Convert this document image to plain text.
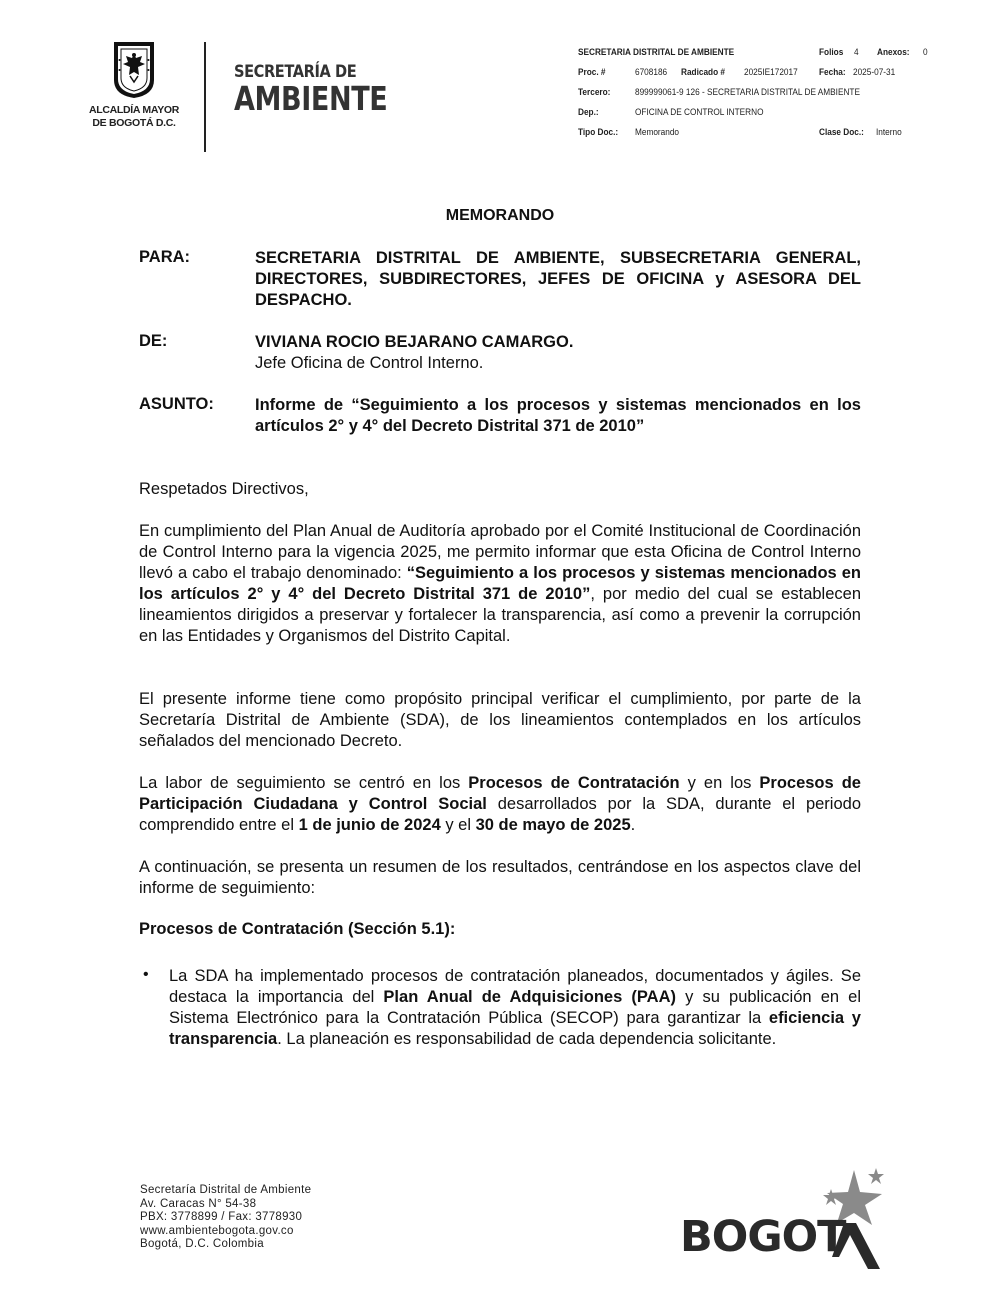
ALCALDÍA MAYOR
DE BOGOTÁ D.C.
SECRETARÍA DE
AMBIENTE
SECRETARIA DISTRITAL DE AMBIENTE	Folios	4 Anexos:	0
Proc. #	6708186 Radicado #	2025IE172017 Fecha: 2025-07-31
Tercero:	899999061-9 126 - SECRETARIA DISTRITAL DE AMBIENTE
Dep.:	OFICINA DE CONTROL INTERNO
Tipo Doc.:	Memorando	Clase Doc.:	Interno
MEMORANDO
PARA:	SECRETARIA DISTRITAL DE AMBIENTE, SUBSECRETARIA GENERAL, DIRECTORES, SUBDIRECTORES, JEFES DE OFICINA y ASESORA DEL DESPACHO.
DE:	VIVIANA ROCIO BEJARANO CAMARGO.
Jefe Oficina de Control Interno.
ASUNTO: Informe de “Seguimiento a los procesos y sistemas mencionados en los artículos 2° y 4° del Decreto Distrital 371 de 2010”
Respetados Directivos,
En cumplimiento del Plan Anual de Auditoría aprobado por el Comité Institucional de Coordinación de Control Interno para la vigencia 2025, me permito informar que esta Oficina de Control Interno llevó a cabo el trabajo denominado: “Seguimiento a los procesos y sistemas mencionados en los artículos 2° y 4° del Decreto Distrital 371 de 2010”, por medio del cual se establecen lineamientos dirigidos a preservar y fortalecer la transparencia, así como a prevenir la corrupción en las Entidades y Organismos del Distrito Capital.
El presente informe tiene como propósito principal verificar el cumplimiento, por parte de la Secretaría Distrital de Ambiente (SDA), de los lineamientos contemplados en los artículos señalados del mencionado Decreto.
La labor de seguimiento se centró en los Procesos de Contratación y en los Procesos de Participación Ciudadana y Control Social desarrollados por la SDA, durante el periodo comprendido entre el 1 de junio de 2024 y el 30 de mayo de 2025.
A continuación, se presenta un resumen de los resultados, centrándose en los aspectos clave del informe de seguimiento:
Procesos de Contratación (Sección 5.1):
• La SDA ha implementado procesos de contratación planeados, documentados y ágiles. Se destaca la importancia del Plan Anual de Adquisiciones (PAA) y su publicación en el Sistema Electrónico para la Contratación Pública (SECOP) para garantizar la eficiencia y transparencia. La planeación es responsabilidad de cada dependencia solicitante.
Secretaría Distrital de Ambiente
Av. Caracas N° 54-38
PBX: 3778899 / Fax: 3778930
www.ambientebogota.gov.co
Bogotá, D.C. Colombia	BOGOT
